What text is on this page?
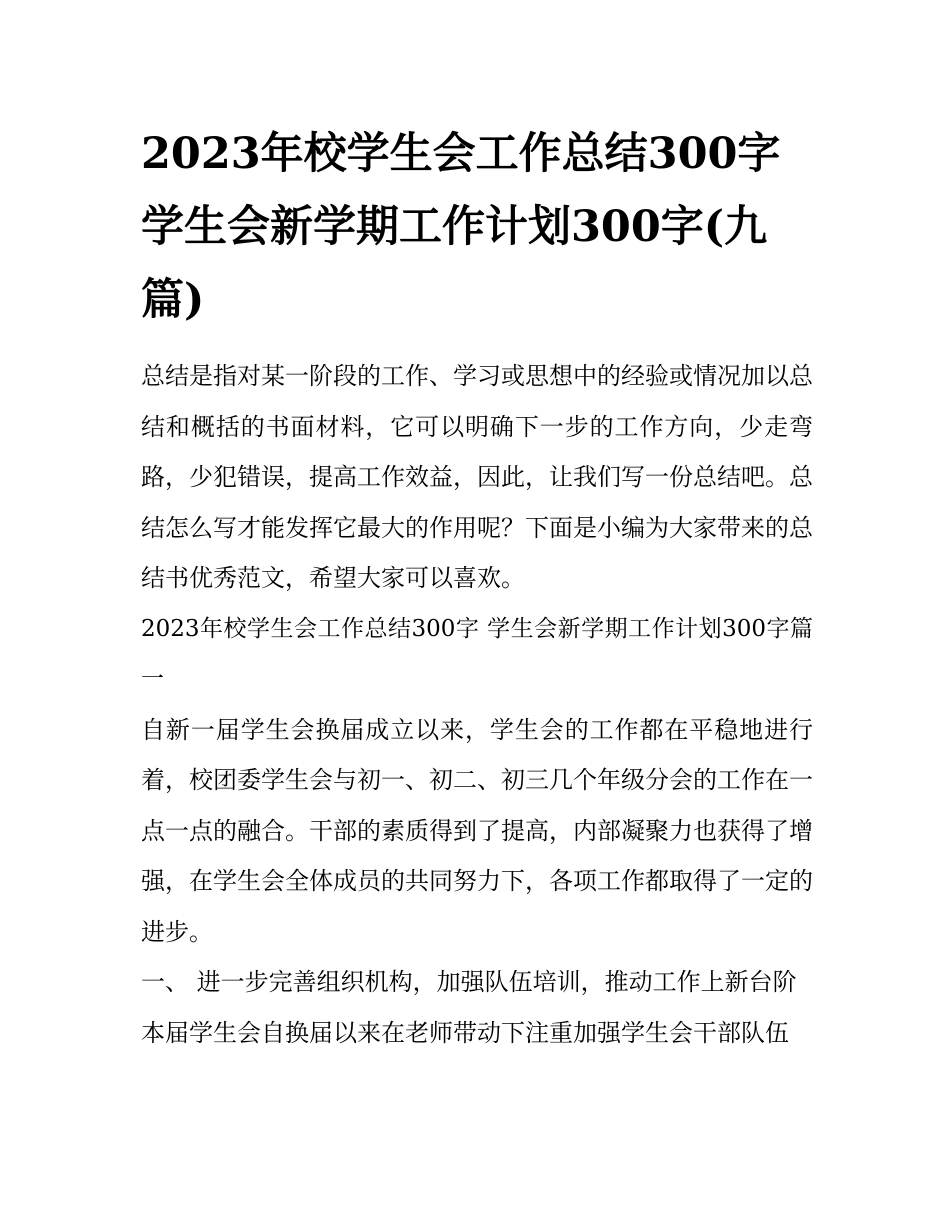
2023年校学生会工作总结300字 学生会新学期工作计划300字(九篇)

总结是指对某一阶段的工作、学习或思想中的经验或情况加以总结和概括的书面材料，它可以明确下一步的工作方向，少走弯路，少犯错误，提高工作效益，因此，让我们写一份总结吧。总结怎么写才能发挥它最大的作用呢？下面是小编为大家带来的总结书优秀范文，希望大家可以喜欢。

2023年校学生会工作总结300字 学生会新学期工作计划300字篇一

自新一届学生会换届成立以来，学生会的工作都在平稳地进行着，校团委学生会与初一、初二、初三几个年级分会的工作在一点一点的融合。干部的素质得到了提高，内部凝聚力也获得了增强，在学生会全体成员的共同努力下，各项工作都取得了一定的进步。

一、 进一步完善组织机构，加强队伍培训，推动工作上新台阶

本届学生会自换届以来在老师带动下注重加强学生会干部队伍
